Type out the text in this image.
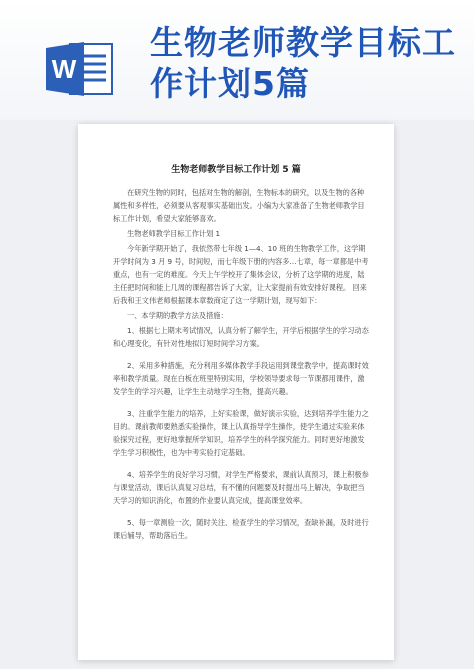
W
生物老师教学目标工作计划5篇
生物老师教学目标工作计划 5 篇

在研究生物的同时，包括对生物的解剖，生物标本的研究，以及生物的各种属性和多样性，必须要从客观事实基础出发。小编为大家准备了生物老师教学目标工作计划，希望大家能够喜欢。

生物老师教学目标工作计划 1

今年新学期开始了，我依然带七年级 1—4、10 班的生物教学工作，这学期开学时间为 3 月 9 号，时间短，而七年级下册的内容多…七章，每一章都是中考重点，也有一定的难度。今天上午学校开了集体会议，分析了这学期的进度，陆主任把时间和能上几周的课程都告诉了大家，让大家提前有效安排好课程。 回来后我和王文伟老师根据课本章数商定了这一学期计划，现写如下：

一、本学期的教学方法及措施：

1、根据七上期末考试情况，认真分析了解学生，开学后根据学生的学习动态和心理变化，有针对性地拟订短时间学习方案。

2、采用多种措施，充分利用多媒体教学手段运用到课堂教学中，提高课时效率和教学质量。现在白板在班里特别实用，学校领导要求每一节课都用课件，激发学生的学习兴趣，让学生主动地学习生物，提高兴趣。

3、注重学生能力的培养，上好实验课，做好演示实验，达到培养学生能力之目的。课前教师要熟悉实验操作，课上认真指导学生操作，使学生通过实验来体验探究过程，更好地掌握所学知识，培养学生的科学探究能力。同时更好地激发学生学习积极性，也为中考实验打定基础。

4、培养学生的良好学习习惯，对学生严格要求，课前认真预习，课上积极参与课堂活动，课后认真复习总结，有不懂的问题要及时提出马上解决，争取把当天学习的知识消化，布置的作业要认真完成，提高课堂效率。

5、每一章测验一次，随时关注、检查学生的学习情况，查缺补漏，及时进行课后辅导，帮助落后生。
